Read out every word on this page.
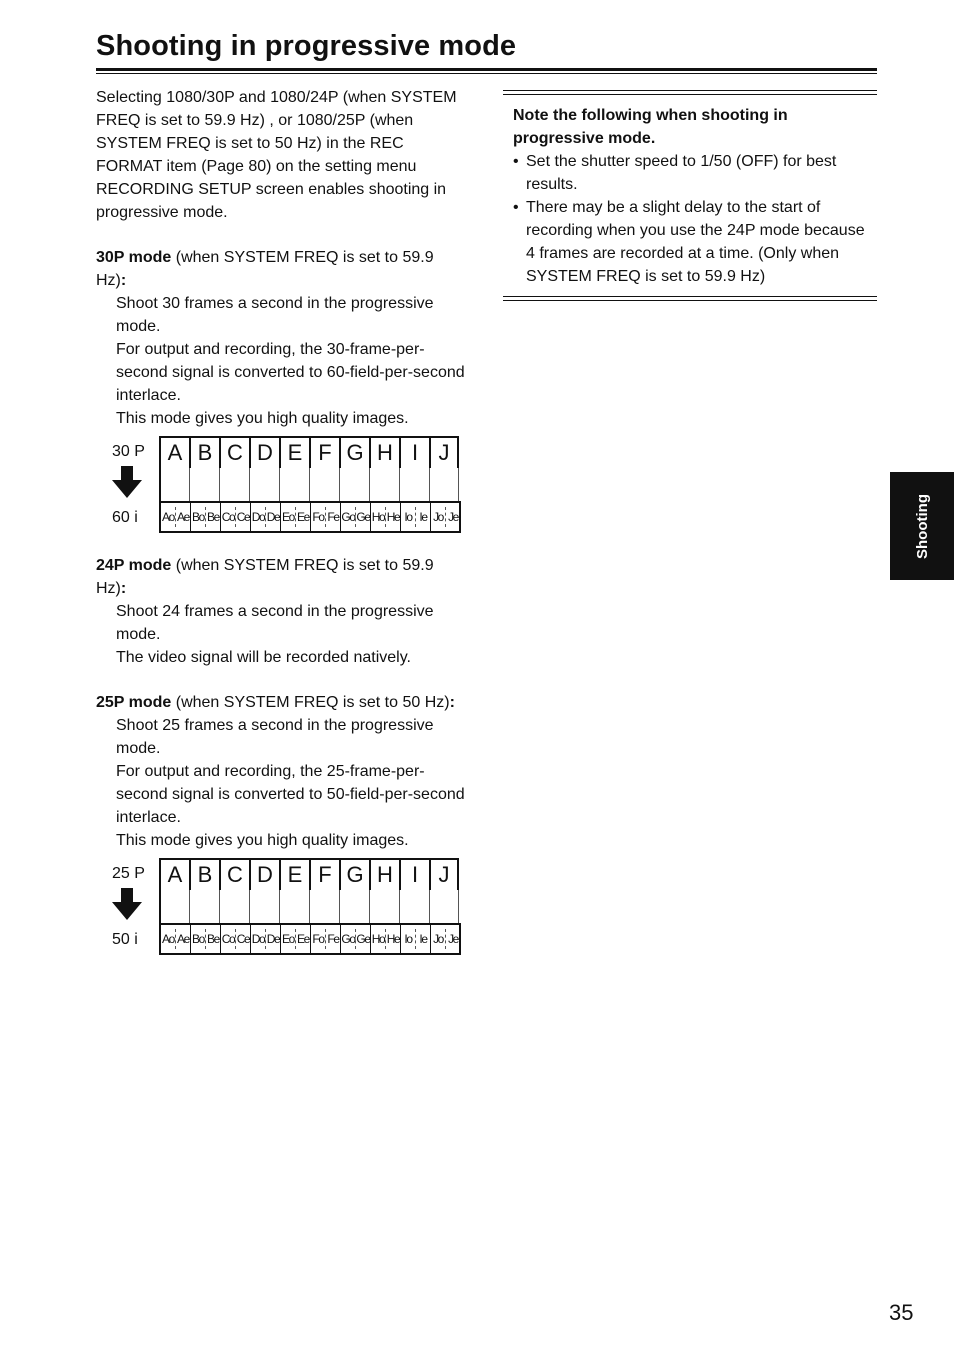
Shooting in progressive mode

Selecting 1080/30P and 1080/24P (when SYSTEM FREQ is set to 59.9 Hz) , or 1080/25P (when SYSTEM FREQ is set to 50 Hz) in the REC FORMAT item (Page 80) on the setting menu RECORDING SETUP screen enables shooting in progressive mode.

30P mode (when SYSTEM FREQ is set to 59.9 Hz):

Shoot 30 frames a second in the progressive mode.

For output and recording, the 30-frame-per-second signal is converted to 60-field-per-second interlace.

This mode gives you high quality images.

30 P
60 i
A B C D E F G H I J
Ao Ae Bo Be Co Ce Do De Eo Ee Fo Fe Go Ge Ho He Io Ie Jo Je

24P mode (when SYSTEM FREQ is set to 59.9 Hz):

Shoot 24 frames a second in the progressive mode.

The video signal will be recorded natively.

25P mode (when SYSTEM FREQ is set to 50 Hz):

Shoot 25 frames a second in the progressive mode.

For output and recording, the 25-frame-per-second signal is converted to 50-field-per-second interlace.

This mode gives you high quality images.

25 P
50 i
A B C D E F G H I J
Ao Ae Bo Be Co Ce Do De Eo Ee Fo Fe Go Ge Ho He Io Ie Jo Je

Note the following when shooting in progressive mode.

• Set the shutter speed to 1/50 (OFF) for best results.
• There may be a slight delay to the start of recording when you use the 24P mode because 4 frames are recorded at a time. (Only when SYSTEM FREQ is set to 59.9 Hz)
Shooting
35
